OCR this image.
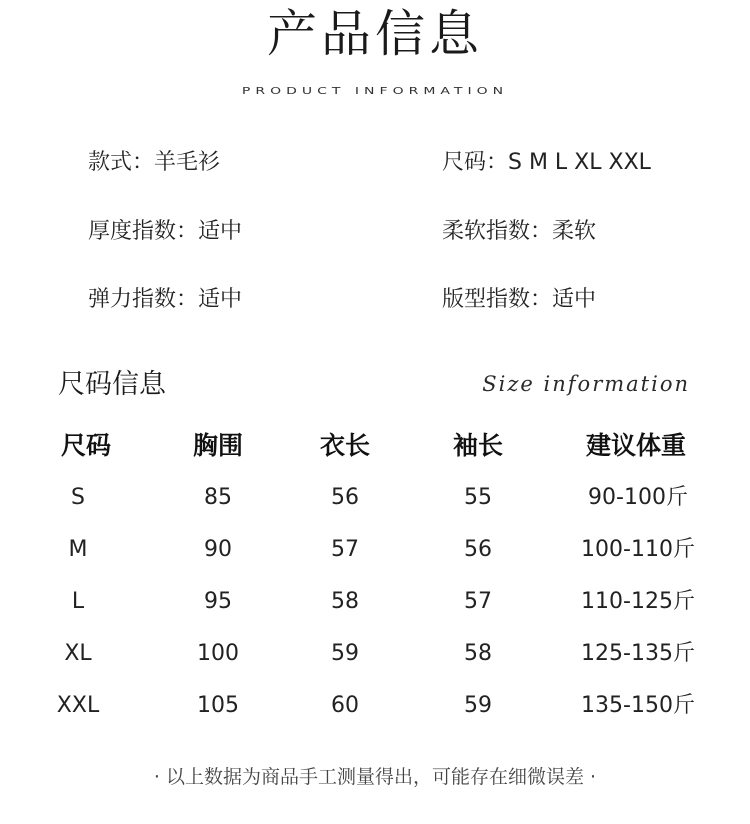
产品信息
PRODUCT INFORMATION
款式：羊毛衫	尺码：S M L XL XXL
厚度指数：适中	柔软指数：柔软
弹力指数：适中	版型指数：适中
尺码信息	Size information
尺码	胸围	衣长	袖长	建议体重
S	85	56	55	90-100斤
M	90	57	56	100-110斤
L	95	58	57	110-125斤
XL	100	59	58	125-135斤
XXL	105	60	59	135-150斤
· 以上数据为商品手工测量得出，可能存在细微误差 ·
